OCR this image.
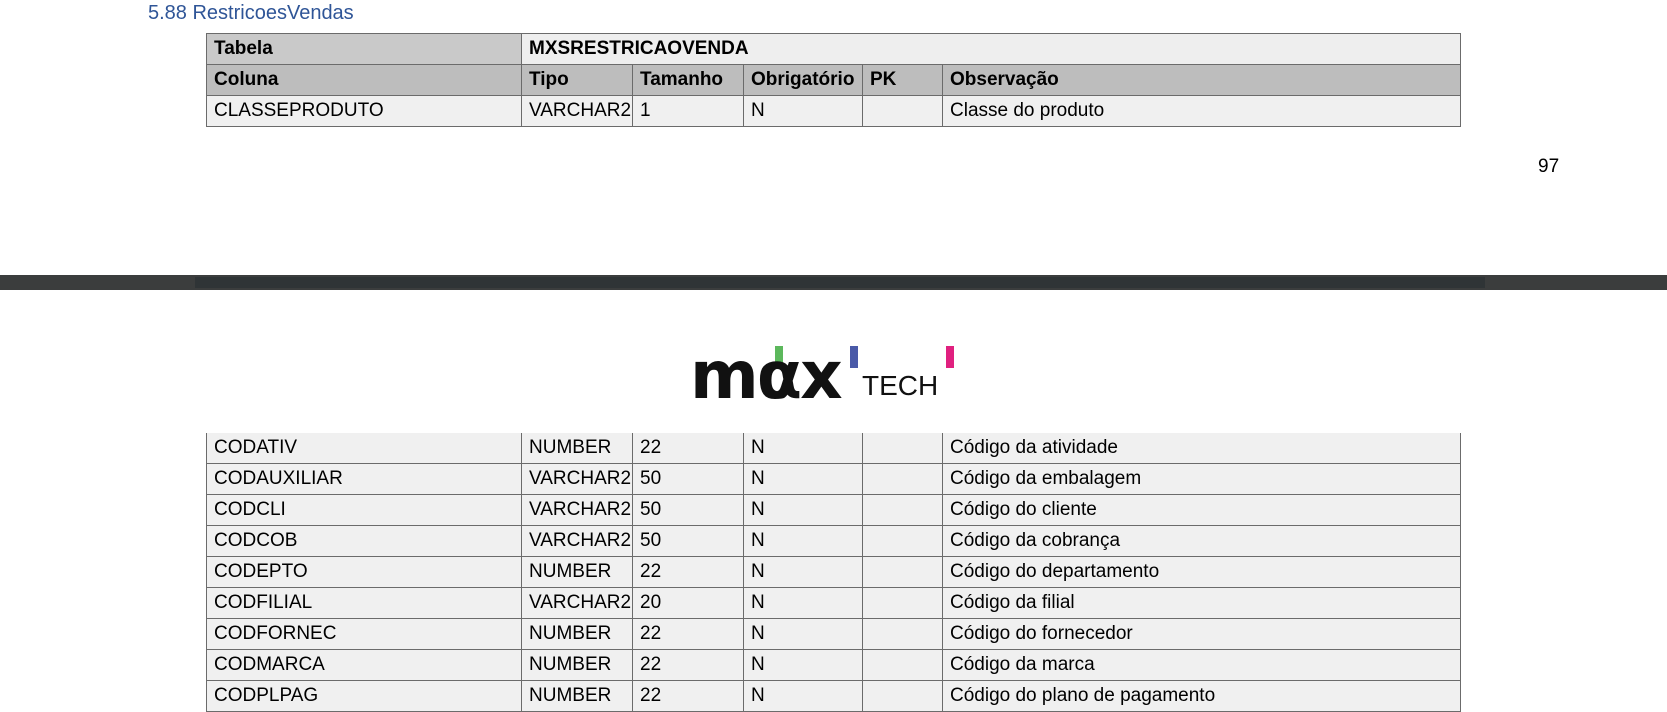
5.88 RestricoesVendas
Tabela	MXSRESTRICAOVENDA				
Coluna	Tipo	Tamanho	Obrigatório	PK	Observação
CLASSEPRODUTO	VARCHAR2	1	N		Classe do produto
97
mαx TECH
CODATIV	NUMBER	22	N		Código da atividade
CODAUXILIAR	VARCHAR2	50	N		Código da embalagem
CODCLI	VARCHAR2	50	N		Código do cliente
CODCOB	VARCHAR2	50	N		Código da cobrança
CODEPTO	NUMBER	22	N		Código do departamento
CODFILIAL	VARCHAR2	20	N		Código da filial
CODFORNEC	NUMBER	22	N		Código do fornecedor
CODMARCA	NUMBER	22	N		Código da marca
CODPLPAG	NUMBER	22	N		Código do plano de pagamento
